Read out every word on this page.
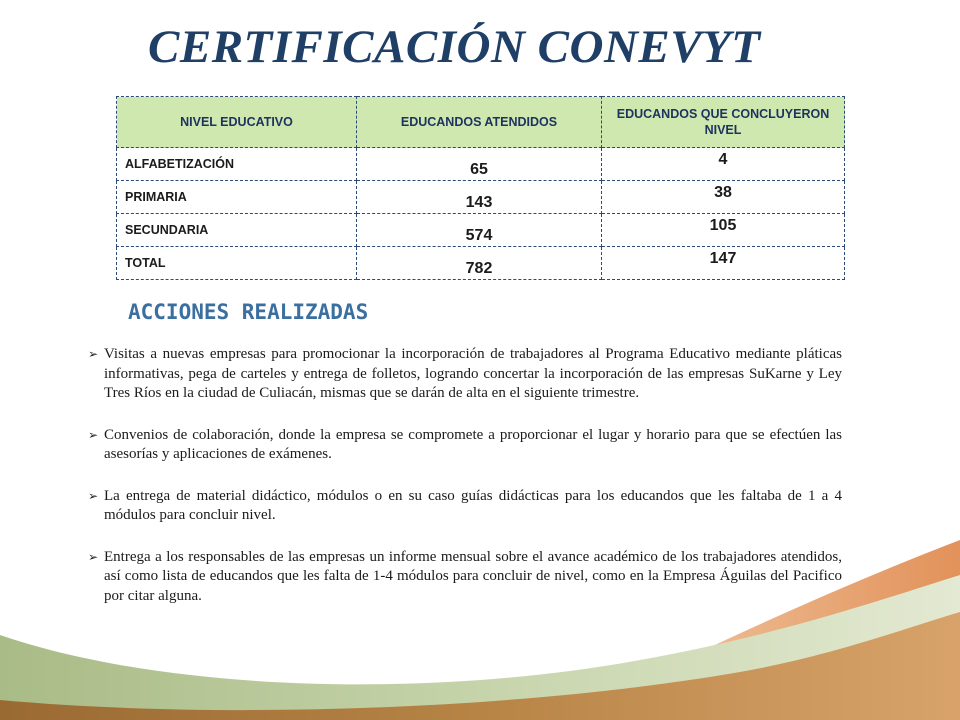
CERTIFICACIÓN CONEVYT
NIVEL EDUCATIVO	EDUCANDOS ATENDIDOS	EDUCANDOS QUE CONCLUYERON NIVEL
ALFABETIZACIÓN	65	4
PRIMARIA	143	38
SECUNDARIA	574	105
TOTAL	782	147
ACCIONES REALIZADAS
➢ Visitas a nuevas empresas para promocionar la incorporación de trabajadores al Programa Educativo mediante pláticas informativas, pega de carteles y entrega de folletos, logrando concertar la incorporación de las empresas SuKarne y Ley Tres Ríos en la ciudad de Culiacán, mismas que se darán de alta en el siguiente trimestre.
➢ Convenios de colaboración, donde la empresa se compromete a proporcionar el lugar y horario para que se efectúen las asesorías y aplicaciones de exámenes.
➢ La entrega de material didáctico, módulos o en su caso guías didácticas para los educandos que les faltaba de 1 a 4 módulos para concluir nivel.
➢ Entrega a los responsables de las empresas un informe mensual sobre el avance académico de los trabajadores atendidos, así como lista de educandos que les falta de 1-4 módulos para concluir de nivel, como en la Empresa Águilas del Pacifico por citar alguna.
